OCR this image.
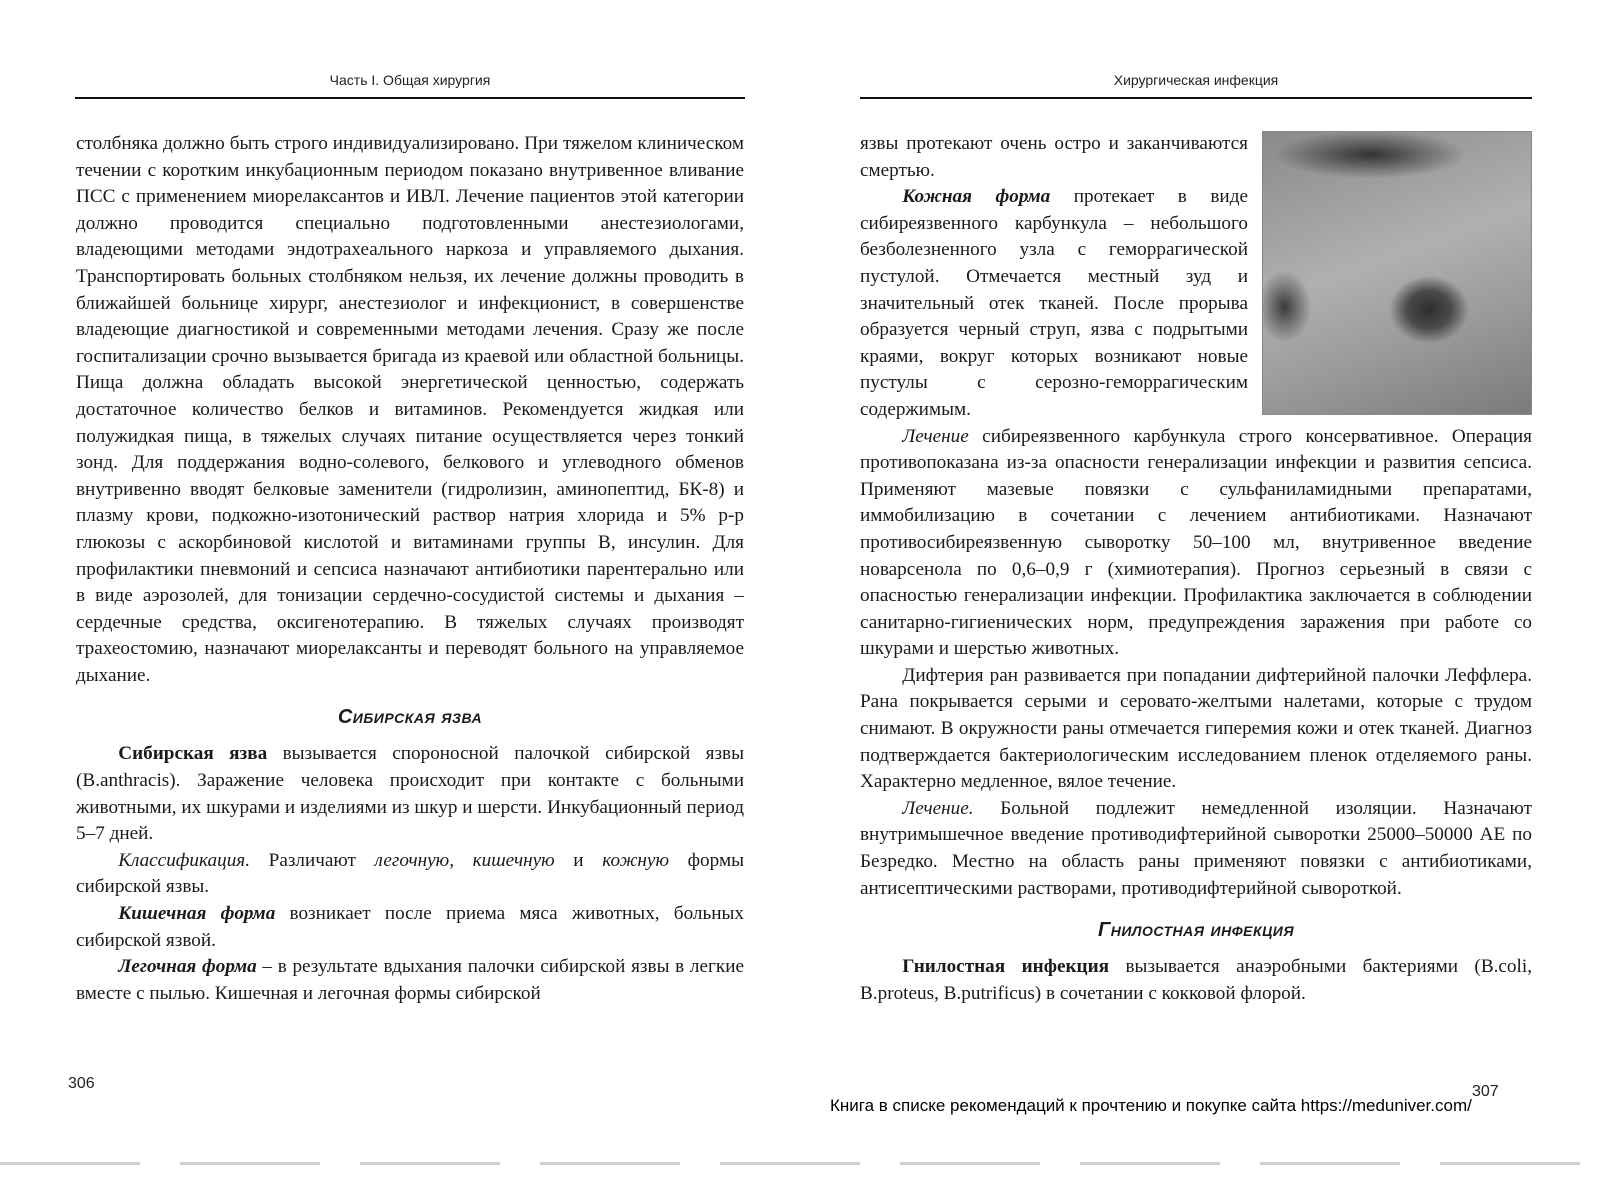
Часть I. Общая хирургия

столбняка должно быть строго индивидуализировано. При тяжелом клиническом течении с коротким инкубационным периодом показано внутривенное вливание ПСС с применением миорелаксантов и ИВЛ. Лечение пациентов этой категории должно проводится специально подготовленными анестезиологами, владеющими методами эндотрахеального наркоза и управляемого дыхания. Транспортировать больных столбняком нельзя, их лечение должны проводить в ближайшей больнице хирург, анестезиолог и инфекционист, в совершенстве владеющие диагностикой и современными методами лечения. Сразу же после госпитализации срочно вызывается бригада из краевой или областной больницы. Пища должна обладать высокой энергетической ценностью, содержать достаточное количество белков и витаминов. Рекомендуется жидкая или полужидкая пища, в тяжелых случаях питание осуществляется через тонкий зонд. Для поддержания водно-солевого, белкового и углеводного обменов внутривенно вводят белковые заменители (гидролизин, аминопептид, БК-8) и плазму крови, подкожно-изотонический раствор натрия хлорида и 5% р-р глюкозы с аскорбиновой кислотой и витаминами группы В, инсулин. Для профилактики пневмоний и сепсиса назначают антибиотики парентерально или в виде аэрозолей, для тонизации сердечно-сосудистой системы и дыхания – сердечные средства, оксигенотерапию. В тяжелых случаях производят трахеостомию, назначают миорелаксанты и переводят больного на управляемое дыхание.

Сибирская язва

Сибирская язва вызывается спороносной палочкой сибирской язвы (B.anthracis). Заражение человека происходит при контакте с больными животными, их шкурами и изделиями из шкур и шерсти. Инкубационный период 5–7 дней.

Классификация. Различают легочную, кишечную и кожную формы сибирской язвы.

Кишечная форма возникает после приема мяса животных, больных сибирской язвой.

Легочная форма – в результате вдыхания палочки сибирской язвы в легкие вместе с пылью. Кишечная и легочная формы сибирской

306
Хирургическая инфекция

язвы протекают очень остро и заканчиваются смертью.

Кожная форма протекает в виде сибиреязвенного карбункула – небольшого безболезненного узла с геморрагической пустулой. Отмечается местный зуд и значительный отек тканей. После прорыва образуется черный струп, язва с подрытыми краями, вокруг которых возникают новые пустулы с серозно-геморрагическим содержимым.

Лечение сибиреязвенного карбункула строго консервативное. Операция противопоказана из-за опасности генерализации инфекции и развития сепсиса. Применяют мазевые повязки с сульфаниламидными препаратами, иммобилизацию в сочетании с лечением антибиотиками. Назначают противосибиреязвенную сыворотку 50–100 мл, внутривенное введение новарсенола по 0,6–0,9 г (химиотерапия). Прогноз серьезный в связи с опасностью генерализации инфекции. Профилактика заключается в соблюдении санитарно-гигиенических норм, предупреждения заражения при работе со шкурами и шерстью животных.

Дифтерия ран развивается при попадании дифтерийной палочки Леффлера. Рана покрывается серыми и серовато-желтыми налетами, которые с трудом снимают. В окружности раны отмечается гиперемия кожи и отек тканей. Диагноз подтверждается бактериологическим исследованием пленок отделяемого раны. Характерно медленное, вялое течение.

Лечение. Больной подлежит немедленной изоляции. Назначают внутримышечное введение противодифтерийной сыворотки 25000–50000 АЕ по Безредко. Местно на область раны применяют повязки с антибиотиками, антисептическими растворами, противодифтерийной сывороткой.

Гнилостная инфекция

Гнилостная инфекция вызывается анаэробными бактериями (B.coli, B.proteus, B.putrificus) в сочетании с кокковой флорой.

307
Книга в списке рекомендаций к прочтению и покупке сайта https://meduniver.com/
